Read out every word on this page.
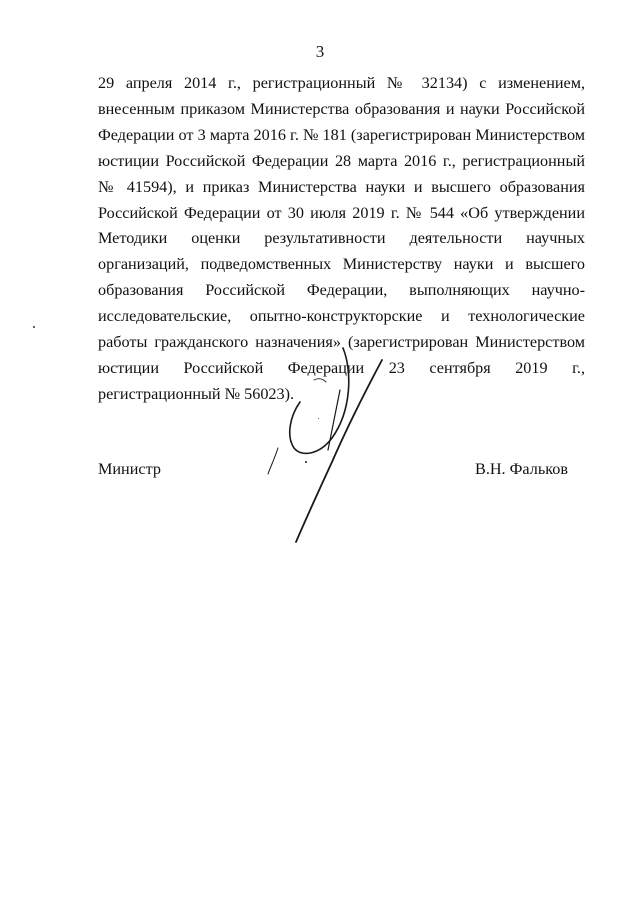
3

29 апреля 2014 г., регистрационный № 32134) с изменением, внесенным приказом Министерства образования и науки Российской Федерации от 3 марта 2016 г. № 181 (зарегистрирован Министерством юстиции Российской Федерации 28 марта 2016 г., регистрационный № 41594), и приказ Министерства науки и высшего образования Российской Федерации от 30 июля 2019 г. № 544 «Об утверждении Методики оценки результативности деятельности научных организаций, подведомственных Министерству науки и высшего образования Российской Федерации, выполняющих научно-исследовательские, опытно-конструкторские и технологические работы гражданского назначения» (зарегистрирован Министерством юстиции Российской Федерации 23 сентября 2019 г., регистрационный № 56023).

Министр	В.Н. Фальков
